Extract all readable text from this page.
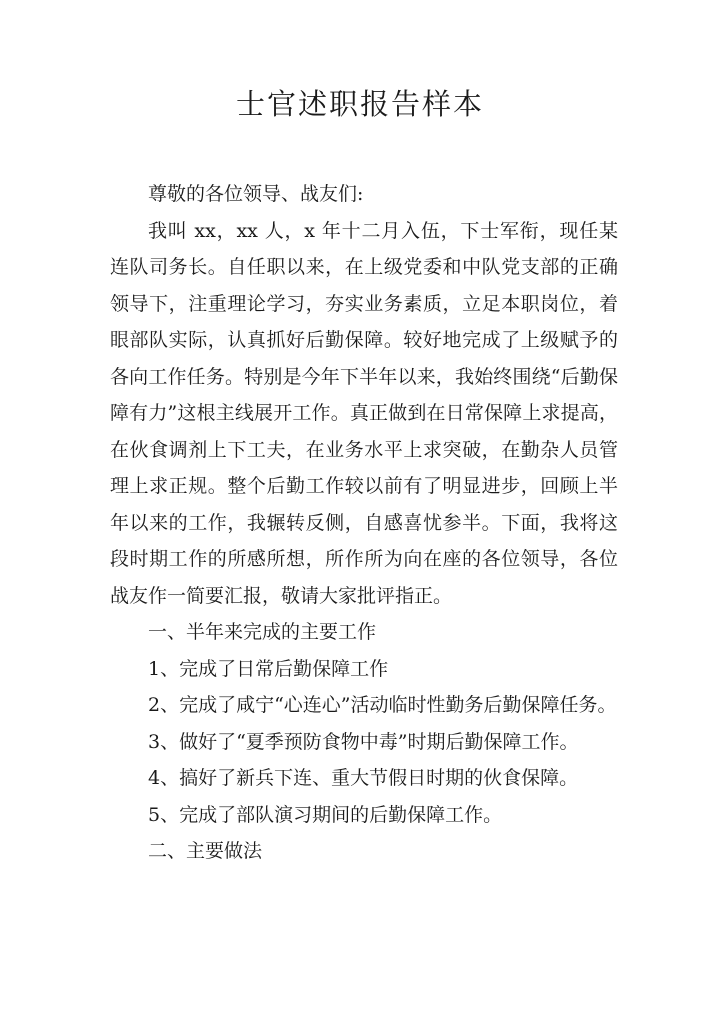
士官述职报告样本

尊敬的各位领导、战友们:

我叫 xx，xx 人，x 年十二月入伍，下士军衔，现任某连队司务长。自任职以来，在上级党委和中队党支部的正确领导下，注重理论学习，夯实业务素质，立足本职岗位，着眼部队实际，认真抓好后勤保障。较好地完成了上级赋予的各向工作任务。特别是今年下半年以来，我始终围绕“后勤保障有力”这根主线展开工作。真正做到在日常保障上求提高，在伙食调剂上下工夫，在业务水平上求突破，在勤杂人员管理上求正规。整个后勤工作较以前有了明显进步，回顾上半年以来的工作，我辗转反侧，自感喜忧参半。下面，我将这段时期工作的所感所想，所作所为向在座的各位领导，各位战友作一简要汇报，敬请大家批评指正。

一、半年来完成的主要工作

1、完成了日常后勤保障工作

2、完成了咸宁“心连心”活动临时性勤务后勤保障任务。

3、做好了“夏季预防食物中毒”时期后勤保障工作。

4、搞好了新兵下连、重大节假日时期的伙食保障。

5、完成了部队演习期间的后勤保障工作。

二、主要做法
